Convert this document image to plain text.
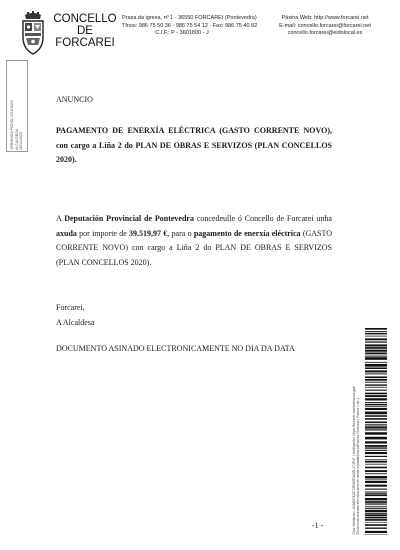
CONCELLO
DE
FORCAREI
Praza da igrexa, nº 1 - 36550 FORCAREI (Pontevedra)
Tfnos: 986 75 50 36 · 986 75 54 12 · Fax: 986 75 40 82
C.I.F.: P - 3601800 - J
Páxina Web: http://www.forcarei.net
E-mail: concello.forcarei@forcarei.net
concello.forcarei@eidolocal.es
VERONICA PICHEL IGLESIAS ALCALDESA 28/12/2020
ANUNCIO
PAGAMENTO DE ENERXÍA ELÉCTRICA (GASTO CORRENTE NOVO), con cargo a Liña 2 do PLAN DE OBRAS E SERVIZOS (PLAN CONCELLOS 2020).
A Deputación Provincial de Pontevedra concedeulle ó Concello de Forcarei unha axuda por importe de 39.519,97 €, para o pagamento de enerxía eléctrica (GASTO CORRENTE NOVO) con cargo a Liña 2 do PLAN DE OBRAS E SERVIZOS (PLAN CONCELLOS 2020).
Forcarei,
A Alcaldesa
DOCUMENTO ASINADO ELECTRONICAMENTE NO DIA DA DATA
Cód. Validación: 4GAE67KZCTZRMZRAQ8LJY3P4T | Verificación: https://forcarei.sedelectronica.gal/ Documento asinado electrónicamente desde a plataforma esPublico Gestiona | Páxina 1 de 1
-1 -
